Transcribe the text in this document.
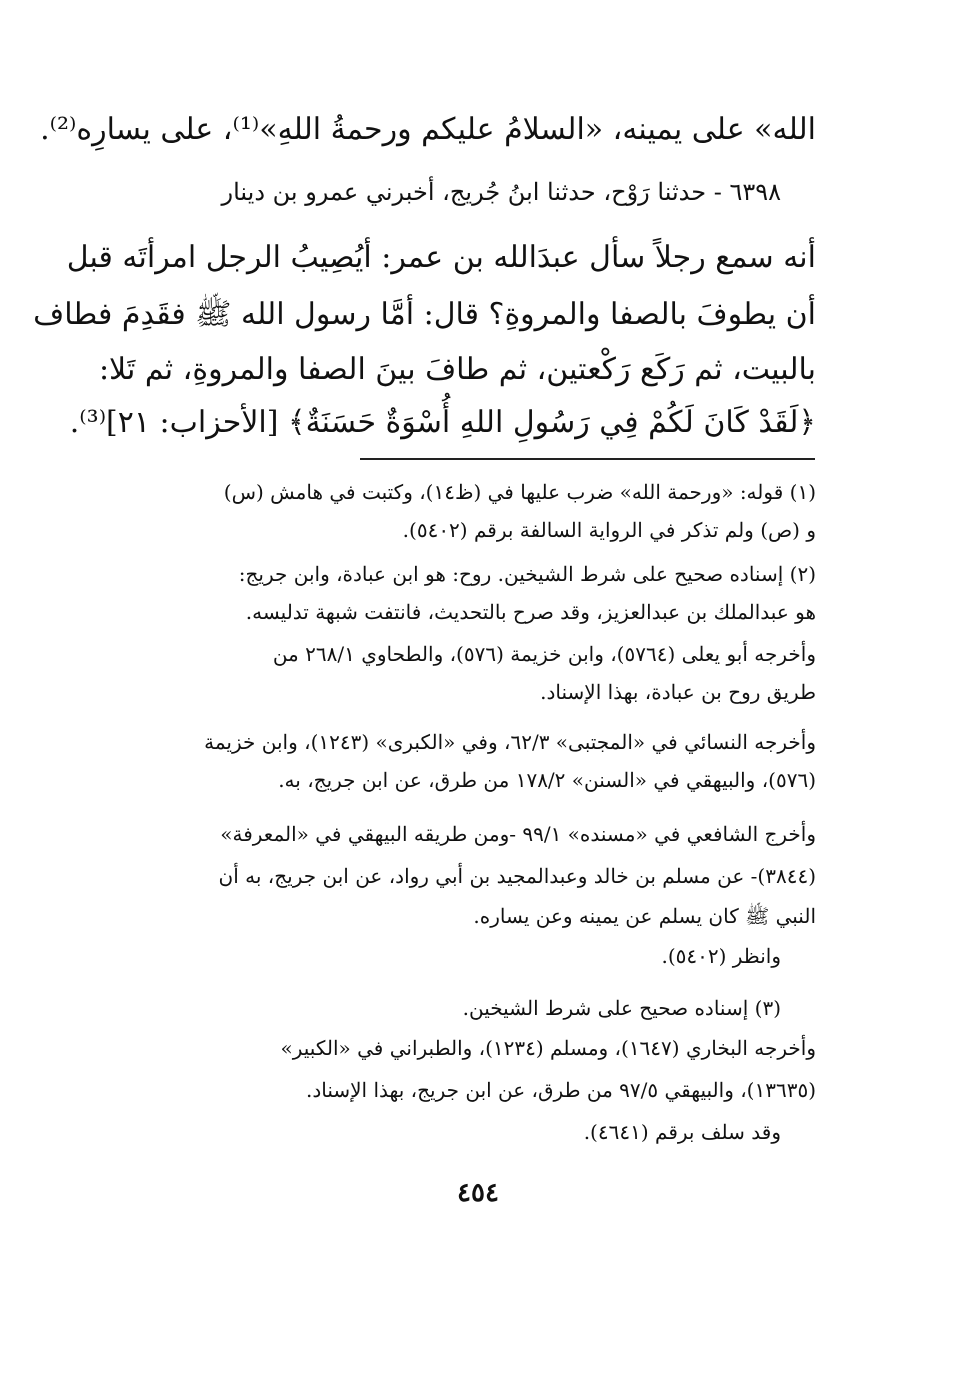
الله» على يمينه، «السلامُ عليكم ورحمةُ اللهِ»⁽¹⁾، على يسارِه⁽²⁾.
٦٣٩٨ - حدثنا رَوْح، حدثنا ابنُ جُريج، أخبرني عمرو بن دينار
أنه سمع رجلاً سأل عبدَالله بن عمر: أيُصِيبُ الرجل امرأتَه قبل
أن يطوفَ بالصفا والمروةِ؟ قال: أمَّا رسول الله ﷺ فقَدِمَ فطاف
بالبيت، ثم رَكَع رَكْعتين، ثم طافَ بينَ الصفا والمروةِ، ثم تَلا:
﴿لَقَدْ كَانَ لَكُمْ فِي رَسُولِ اللهِ أُسْوَةٌ حَسَنَةٌ﴾ [الأحزاب: ٢١]⁽³⁾.
(١) قوله: «ورحمة الله» ضرب عليها في (ظ١٤)، وكتبت في هامش (س)
و (ص) ولم تذكر في الرواية السالفة برقم (٥٤٠٢).
(٢) إسناده صحيح على شرط الشيخين. روح: هو ابن عبادة، وابن جريج:
هو عبدالملك بن عبدالعزيز، وقد صرح بالتحديث، فانتفت شبهة تدليسه.
وأخرجه أبو يعلى (٥٧٦٤)، وابن خزيمة (٥٧٦)، والطحاوي ٢٦٨/١ من
طريق روح بن عبادة، بهذا الإسناد.
وأخرجه النسائي في «المجتبى» ٦٢/٣، وفي «الكبرى» (١٢٤٣)، وابن خزيمة
(٥٧٦)، والبيهقي في «السنن» ١٧٨/٢ من طرق، عن ابن جريج، به.
وأخرج الشافعي في «مسنده» ٩٩/١ -ومن طريقه البيهقي في «المعرفة»
(٣٨٤٤)- عن مسلم بن خالد وعبدالمجيد بن أبي رواد، عن ابن جريج، به أن
النبي ﷺ كان يسلم عن يمينه وعن يساره.
وانظر (٥٤٠٢).
(٣) إسناده صحيح على شرط الشيخين.
وأخرجه البخاري (١٦٤٧)، ومسلم (١٢٣٤)، والطبراني في «الكبير»
(١٣٦٣٥)، والبيهقي ٩٧/٥ من طرق، عن ابن جريج، بهذا الإسناد.
وقد سلف برقم (٤٦٤١).
٤٥٤
